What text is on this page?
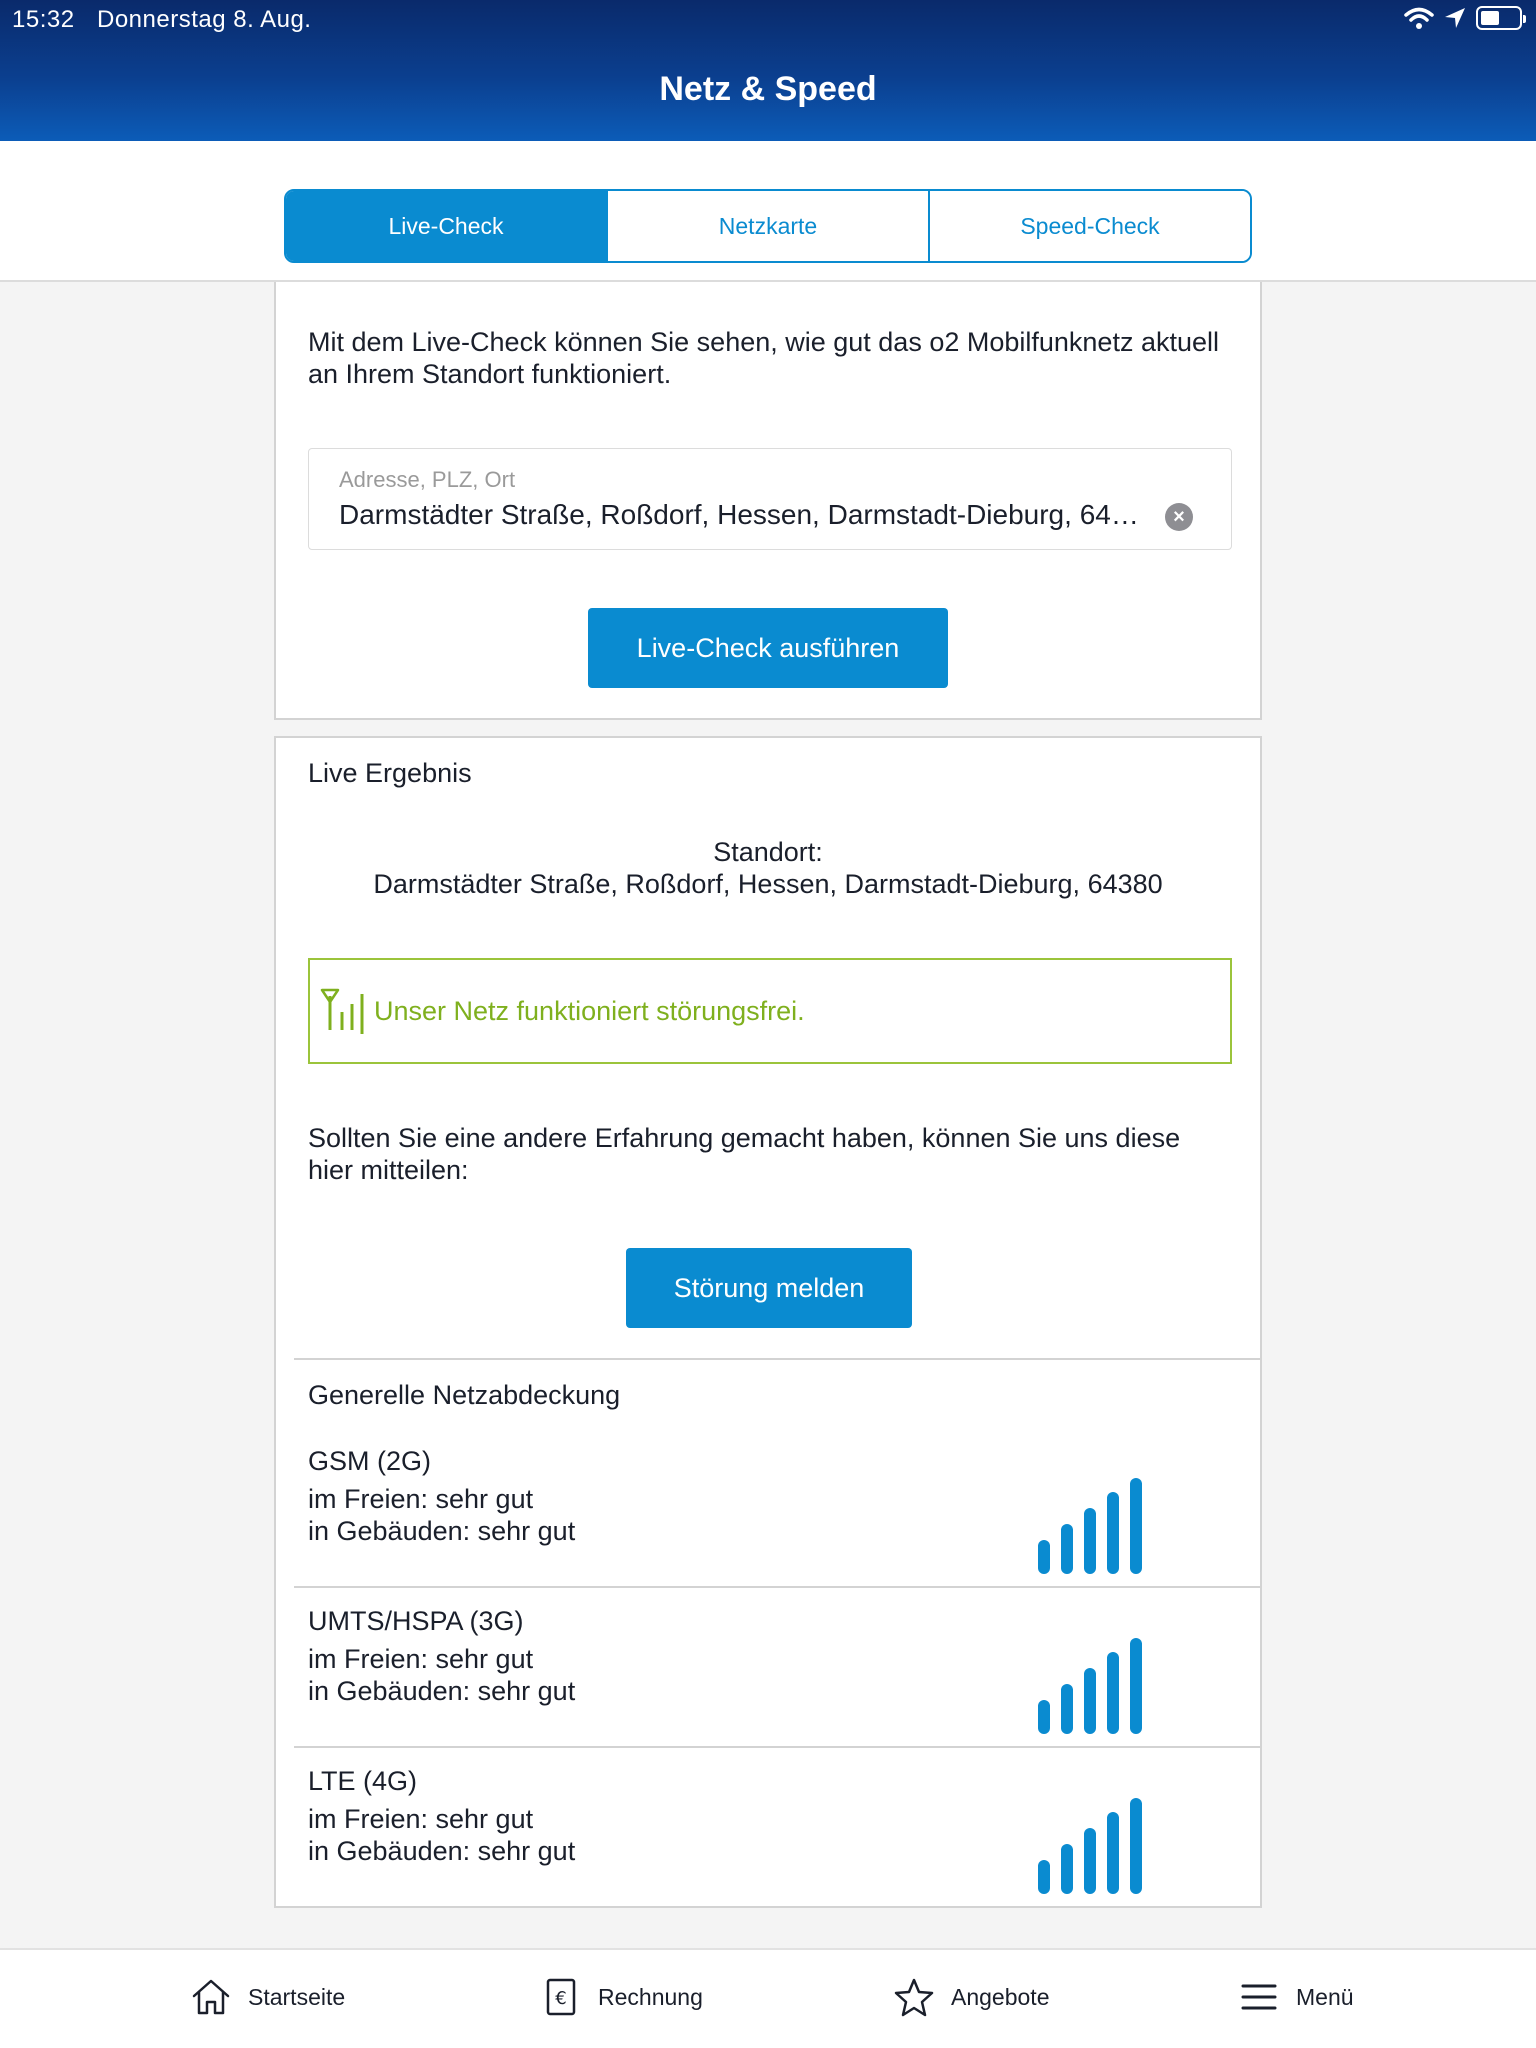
15:32 Donnerstag 8. Aug.
Netz & Speed
Live-Check	Netzkarte	Speed-Check
Mit dem Live-Check können Sie sehen, wie gut das o2 Mobilfunknetz aktuell an Ihrem Standort funktioniert.
Adresse, PLZ, Ort
Darmstädter Straße, Roßdorf, Hessen, Darmstadt-Dieburg, 64…	×
Live-Check ausführen
Live Ergebnis
Standort:
Darmstädter Straße, Roßdorf, Hessen, Darmstadt-Dieburg, 64380
Unser Netz funktioniert störungsfrei.
Sollten Sie eine andere Erfahrung gemacht haben, können Sie uns diese hier mitteilen:
Störung melden
Generelle Netzabdeckung
GSM (2G)
im Freien: sehr gut
in Gebäuden: sehr gut
UMTS/HSPA (3G)
im Freien: sehr gut
in Gebäuden: sehr gut
LTE (4G)
im Freien: sehr gut
in Gebäuden: sehr gut
Startseite	€ Rechnung	Angebote	Menü
